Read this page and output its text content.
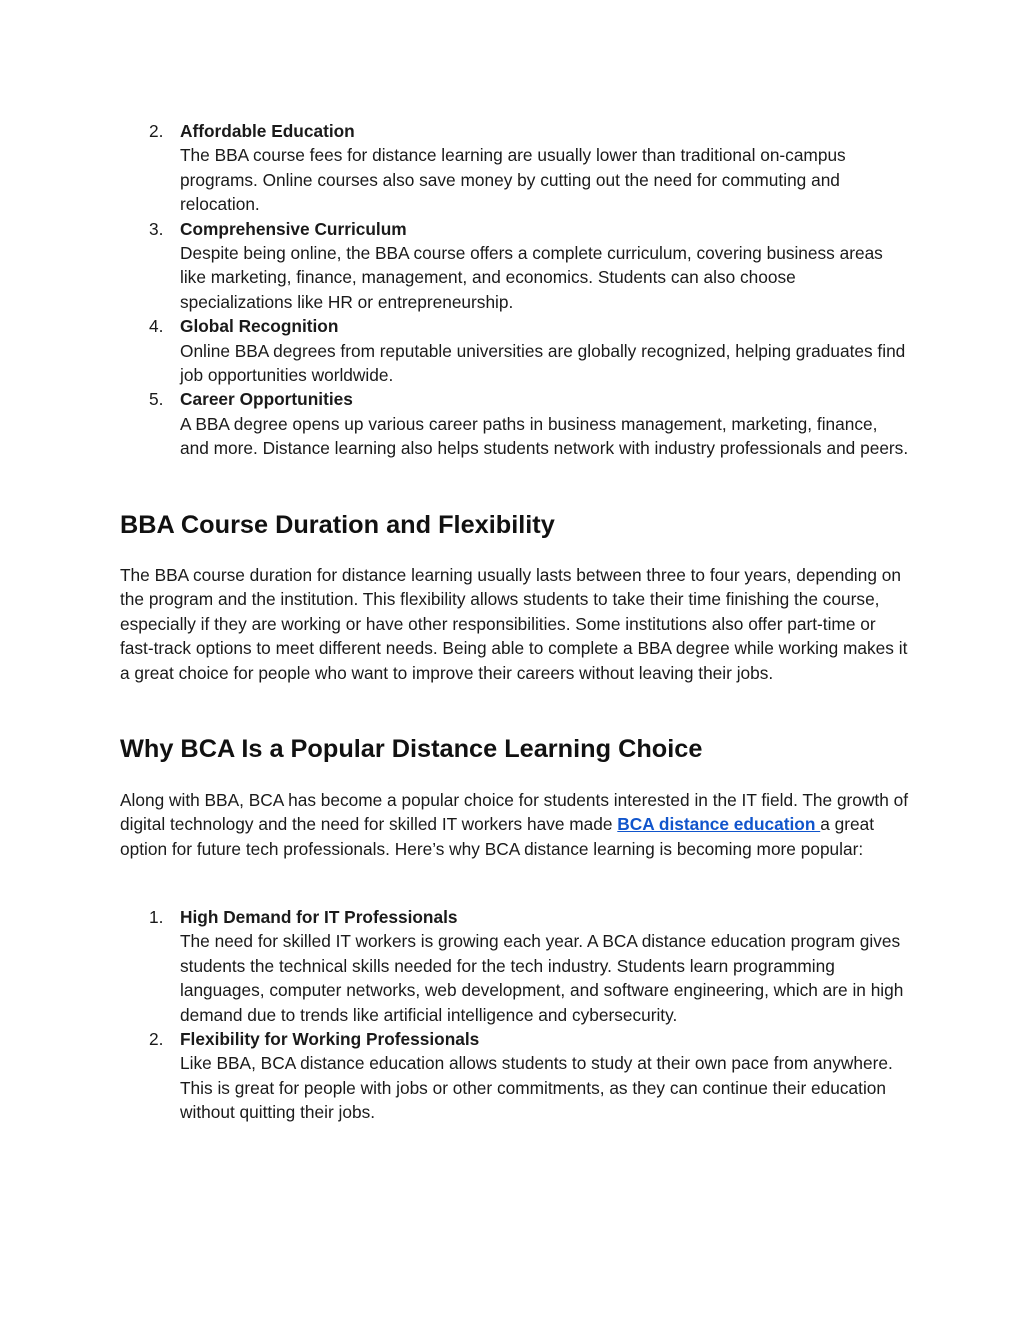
2. Affordable Education
The BBA course fees for distance learning are usually lower than traditional on-campus programs. Online courses also save money by cutting out the need for commuting and relocation.
3. Comprehensive Curriculum
Despite being online, the BBA course offers a complete curriculum, covering business areas like marketing, finance, management, and economics. Students can also choose specializations like HR or entrepreneurship.
4. Global Recognition
Online BBA degrees from reputable universities are globally recognized, helping graduates find job opportunities worldwide.
5. Career Opportunities
A BBA degree opens up various career paths in business management, marketing, finance, and more. Distance learning also helps students network with industry professionals and peers.
BBA Course Duration and Flexibility

The BBA course duration for distance learning usually lasts between three to four years, depending on the program and the institution. This flexibility allows students to take their time finishing the course, especially if they are working or have other responsibilities. Some institutions also offer part-time or fast-track options to meet different needs. Being able to complete a BBA degree while working makes it a great choice for people who want to improve their careers without leaving their jobs.

Why BCA Is a Popular Distance Learning Choice

Along with BBA, BCA has become a popular choice for students interested in the IT field. The growth of digital technology and the need for skilled IT workers have made BCA distance education a great option for future tech professionals. Here’s why BCA distance learning is becoming more popular:

1. High Demand for IT Professionals
The need for skilled IT workers is growing each year. A BCA distance education program gives students the technical skills needed for the tech industry. Students learn programming languages, computer networks, web development, and software engineering, which are in high demand due to trends like artificial intelligence and cybersecurity.
2. Flexibility for Working Professionals
Like BBA, BCA distance education allows students to study at their own pace from anywhere. This is great for people with jobs or other commitments, as they can continue their education without quitting their jobs.
